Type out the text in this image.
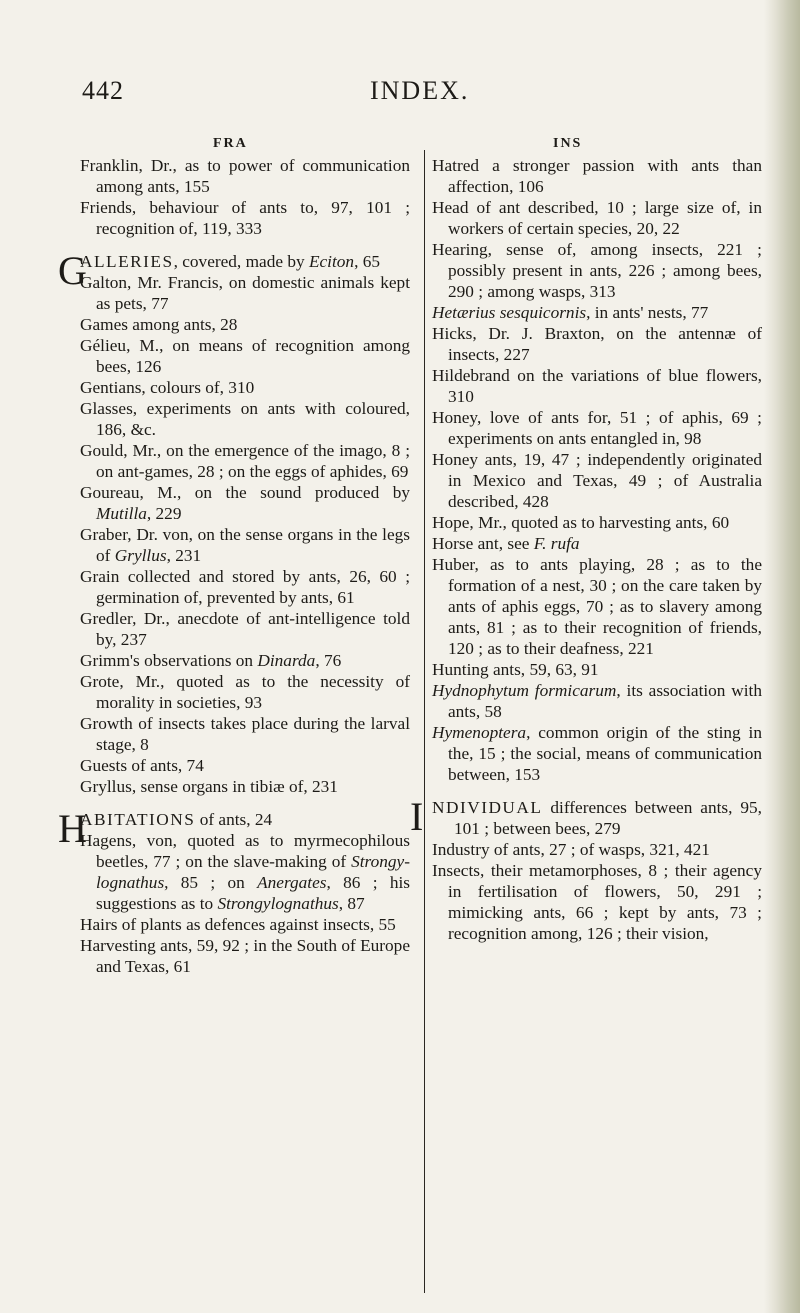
442	INDEX.
FRA	INS

Franklin, Dr., as to power of communication among ants, 155

Friends, behaviour of ants to, 97, 101 ; recognition of, 119, 333

G
ALLERIES, covered, made by Eciton, 65

Galton, Mr. Francis, on domestic animals kept as pets, 77

Games among ants, 28

Gélieu, M., on means of recognition among bees, 126

Gentians, colours of, 310

Glasses, experiments on ants with coloured, 186, &c.

Gould, Mr., on the emergence of the imago, 8 ; on ant-games, 28 ; on the eggs of aphides, 69

Goureau, M., on the sound produced by Mutilla, 229

Graber, Dr. von, on the sense organs in the legs of Gryllus, 231

Grain collected and stored by ants, 26, 60 ; germination of, prevented by ants, 61

Gredler, Dr., anecdote of ant-intelligence told by, 237

Grimm's observations on Dinarda, 76

Grote, Mr., quoted as to the necessity of morality in societies, 93

Growth of insects takes place during the larval stage, 8

Guests of ants, 74

Gryllus, sense organs in tibiæ of, 231

H
ABITATIONS of ants, 24

Hagens, von, quoted as to myrmecophilous beetles, 77 ; on the slave-making of Strongylognathus, 85 ; on Anergates, 86 ; his suggestions as to Strongylognathus, 87

Hairs of plants as defences against insects, 55

Harvesting ants, 59, 92 ; in the South of Europe and Texas, 61

Hatred a stronger passion with ants than affection, 106

Head of ant described, 10 ; large size of, in workers of certain species, 20, 22

Hearing, sense of, among insects, 221 ; possibly present in ants, 226 ; among bees, 290 ; among wasps, 313

Hetærius sesquicornis, in ants' nests, 77

Hicks, Dr. J. Braxton, on the antennæ of insects, 227

Hildebrand on the variations of blue flowers, 310

Honey, love of ants for, 51 ; of aphis, 69 ; experiments on ants entangled in, 98

Honey ants, 19, 47 ; independently originated in Mexico and Texas, 49 ; of Australia described, 428

Hope, Mr., quoted as to harvesting ants, 60

Horse ant, see F. rufa

Huber, as to ants playing, 28 ; as to the formation of a nest, 30 ; on the care taken by ants of aphis eggs, 70 ; as to slavery among ants, 81 ; as to their recognition of friends, 120 ; as to their deafness, 221

Hunting ants, 59, 63, 91

Hydnophytum formicarum, its association with ants, 58

Hymenoptera, common origin of the sting in the, 15 ; the social, means of communication between, 153

INDIVIDUAL differences between ants, 95, 101 ; between bees, 279

Industry of ants, 27 ; of wasps, 321, 421

Insects, their metamorphoses, 8 ; their agency in fertilisation of flowers, 50, 291 ; mimicking ants, 66 ; kept by ants, 73 ; recognition among, 126 ; their vision,
